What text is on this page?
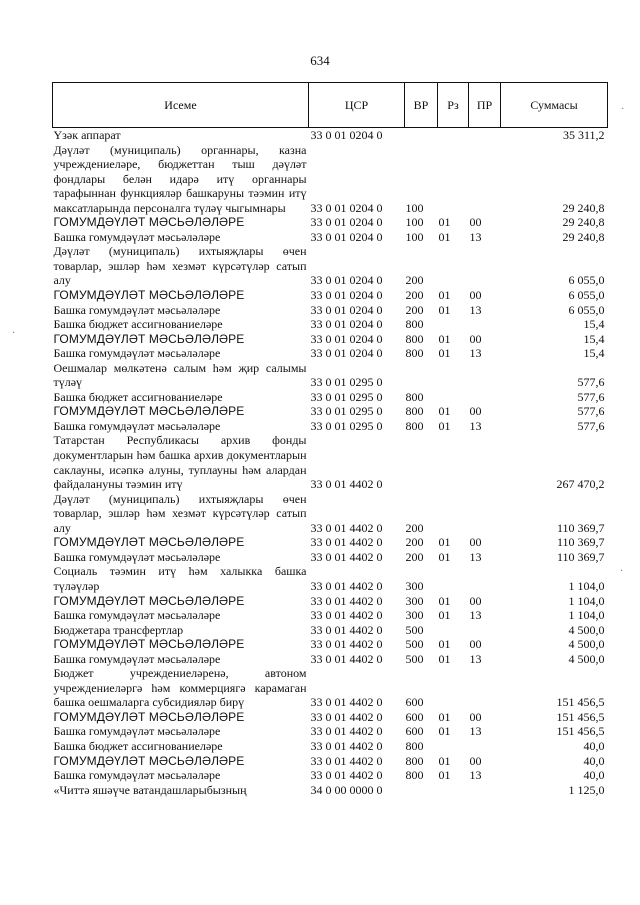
634
·
·
·
Исеме	ЦСР	ВР	Рз	ПР	Суммасы
Үзәк аппарат	33 0 01 0204 0				35 311,2
Дәүләт (муниципаль) органнары, казна учреждениеләре, бюджеттан тыш дәүләт фондлары белән идарә итү органнары тарафыннан функцияләр башкаруны тәэмин итү максатларында персоналга түләү чыгымнары	33 0 01 0204 0	100			29 240,8
ГОМУМДӘҮЛӘТ МӘСЬӘЛӘЛӘРЕ	33 0 01 0204 0	100	01	00	29 240,8
Башка гомумдәүләт мәсьәләләре	33 0 01 0204 0	100	01	13	29 240,8
Дәүләт (муниципаль) ихтыяҗлары өчен товарлар, эшләр һәм хезмәт күрсәтүләр сатып алу	33 0 01 0204 0	200			6 055,0
ГОМУМДӘҮЛӘТ МӘСЬӘЛӘЛӘРЕ	33 0 01 0204 0	200	01	00	6 055,0
Башка гомумдәүләт мәсьәләләре	33 0 01 0204 0	200	01	13	6 055,0
Башка бюджет ассигнованиеләре	33 0 01 0204 0	800			15,4
ГОМУМДӘҮЛӘТ МӘСЬӘЛӘЛӘРЕ	33 0 01 0204 0	800	01	00	15,4
Башка гомумдәүләт мәсьәләләре	33 0 01 0204 0	800	01	13	15,4
Оешмалар мөлкәтенә салым һәм җир салымы түләү	33 0 01 0295 0				577,6
Башка бюджет ассигнованиеләре	33 0 01 0295 0	800			577,6
ГОМУМДӘҮЛӘТ МӘСЬӘЛӘЛӘРЕ	33 0 01 0295 0	800	01	00	577,6
Башка гомумдәүләт мәсьәләләре	33 0 01 0295 0	800	01	13	577,6
Татарстан Республикасы архив фонды документларын һәм башка архив документларын саклауны, исәпкә алуны, туплауны һәм алардан файдалануны тәэмин итү	33 0 01 4402 0				267 470,2
Дәүләт (муниципаль) ихтыяҗлары өчен товарлар, эшләр һәм хезмәт күрсәтүләр сатып алу	33 0 01 4402 0	200			110 369,7
ГОМУМДӘҮЛӘТ МӘСЬӘЛӘЛӘРЕ	33 0 01 4402 0	200	01	00	110 369,7
Башка гомумдәүләт мәсьәләләре	33 0 01 4402 0	200	01	13	110 369,7
Социаль тәэмин итү һәм халыкка башка түләүләр	33 0 01 4402 0	300			1 104,0
ГОМУМДӘҮЛӘТ МӘСЬӘЛӘЛӘРЕ	33 0 01 4402 0	300	01	00	1 104,0
Башка гомумдәүләт мәсьәләләре	33 0 01 4402 0	300	01	13	1 104,0
Бюджетара трансфертлар	33 0 01 4402 0	500			4 500,0
ГОМУМДӘҮЛӘТ МӘСЬӘЛӘЛӘРЕ	33 0 01 4402 0	500	01	00	4 500,0
Башка гомумдәүләт мәсьәләләре	33 0 01 4402 0	500	01	13	4 500,0
Бюджет учреждениеләренә, автоном учреждениеләргә һәм коммерциягә карамаган башка оешмаларга субсидияләр бирү	33 0 01 4402 0	600			151 456,5
ГОМУМДӘҮЛӘТ МӘСЬӘЛӘЛӘРЕ	33 0 01 4402 0	600	01	00	151 456,5
Башка гомумдәүләт мәсьәләләре	33 0 01 4402 0	600	01	13	151 456,5
Башка бюджет ассигнованиеләре	33 0 01 4402 0	800			40,0
ГОМУМДӘҮЛӘТ МӘСЬӘЛӘЛӘРЕ	33 0 01 4402 0	800	01	00	40,0
Башка гомумдәүләт мәсьәләләре	33 0 01 4402 0	800	01	13	40,0
«Читтә яшәүче ватандашларыбызның	34 0 00 0000 0				1 125,0
